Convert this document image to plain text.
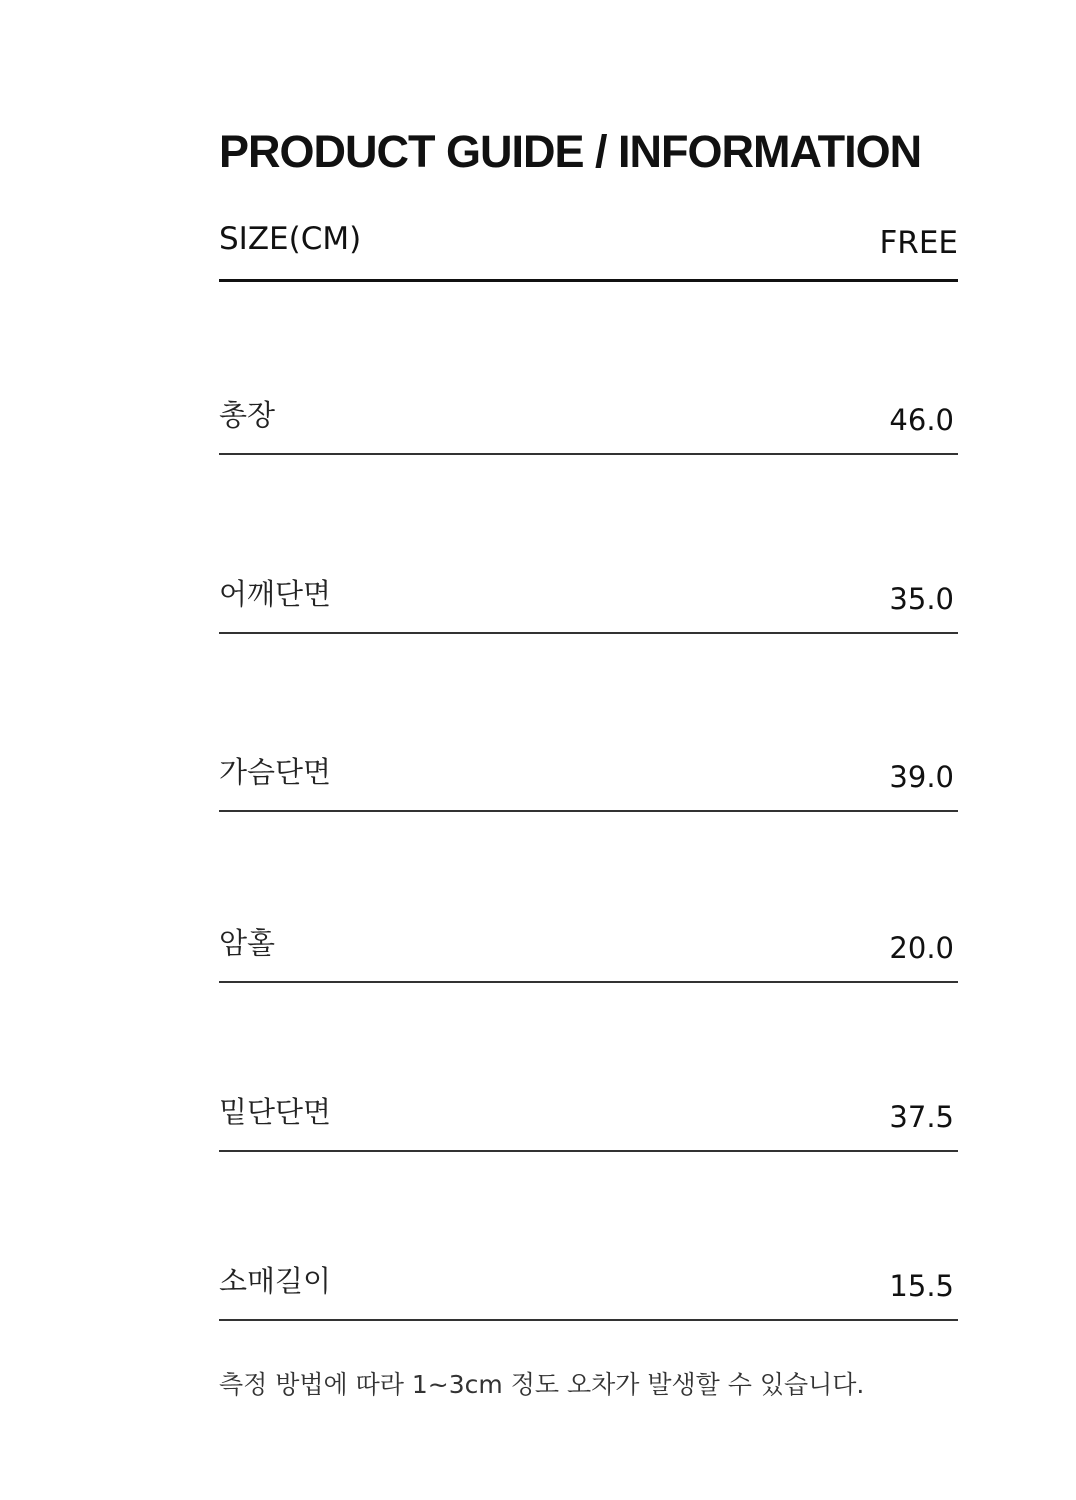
PRODUCT GUIDE / INFORMATION
SIZE(CM)	FREE
총장	46.0
어깨단면	35.0
가슴단면	39.0
암홀	20.0
밑단단면	37.5
소매길이	15.5
측정 방법에 따라 1~3cm 정도 오차가 발생할 수 있습니다.
